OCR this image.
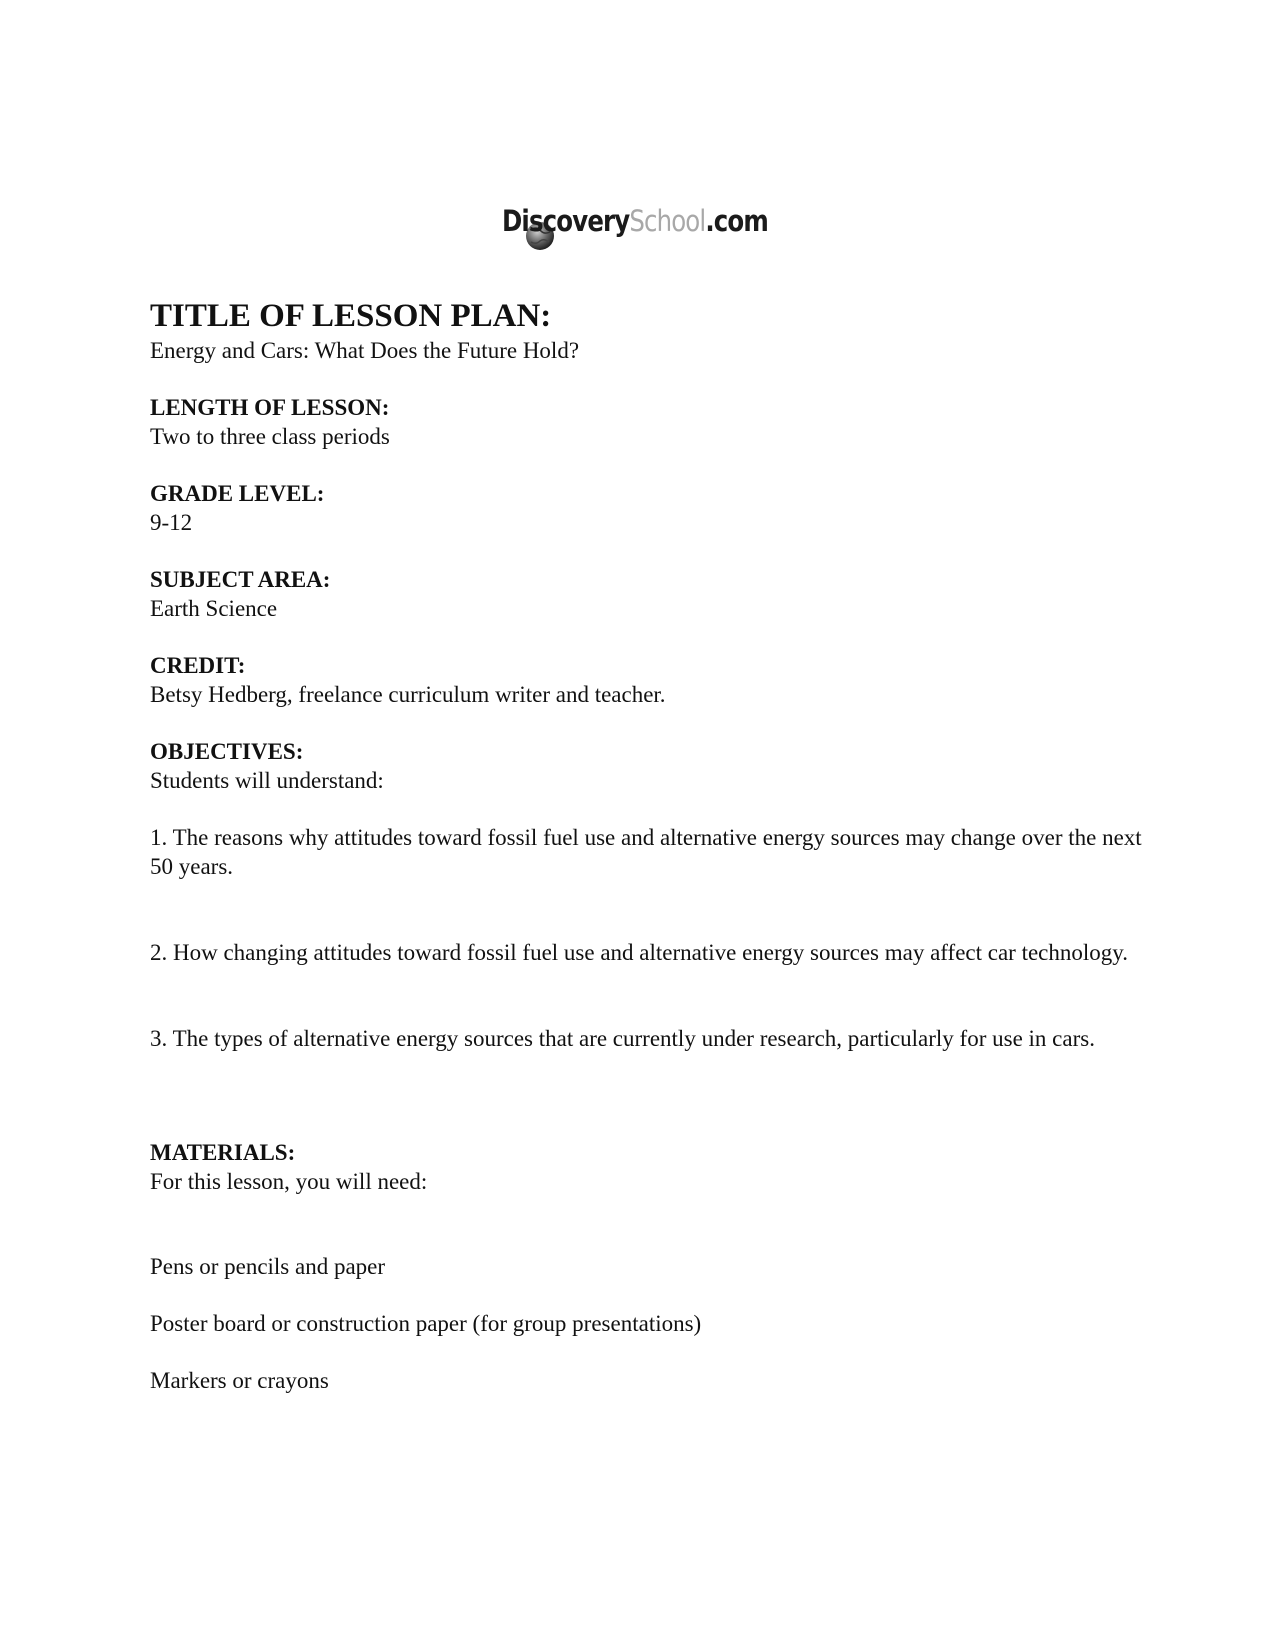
DiscoverySchool.com

TITLE OF LESSON PLAN:

Energy and Cars: What Does the Future Hold?

LENGTH OF LESSON:

Two to three class periods

GRADE LEVEL:

9-12

SUBJECT AREA:

Earth Science

CREDIT:

Betsy Hedberg, freelance curriculum writer and teacher.

OBJECTIVES:

Students will understand:

1. The reasons why attitudes toward fossil fuel use and alternative energy sources may change over the next 50 years.

2. How changing attitudes toward fossil fuel use and alternative energy sources may affect car technology.

3. The types of alternative energy sources that are currently under research, particularly for use in cars.

MATERIALS:

For this lesson, you will need:

Pens or pencils and paper

Poster board or construction paper (for group presentations)

Markers or crayons
